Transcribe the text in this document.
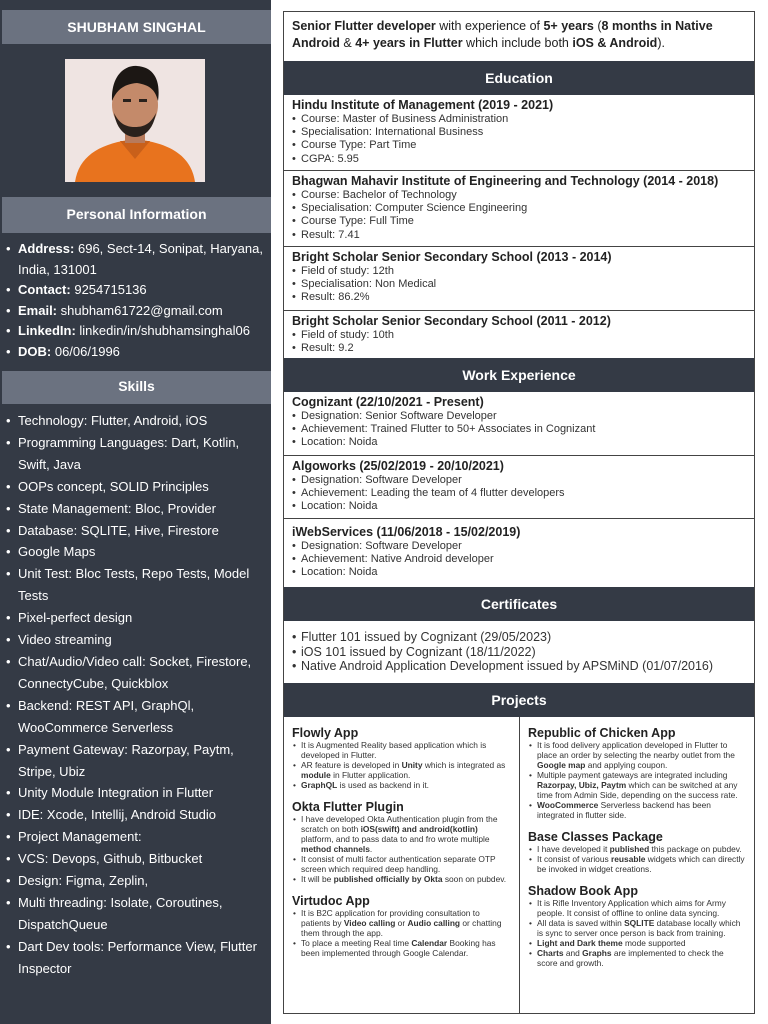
SHUBHAM SINGHAL
Personal Information
• Address: 696, Sect-14, Sonipat, Haryana, India, 131001
• Contact: 9254715136
• Email: shubham61722@gmail.com
• LinkedIn: linkedin/in/shubhamsinghal06
• DOB: 06/06/1996
Skills
• Technology: Flutter, Android, iOS
• Programming Languages: Dart, Kotlin, Swift, Java
• OOPs concept, SOLID Principles
• State Management: Bloc, Provider
• Database: SQLITE, Hive, Firestore
• Google Maps
• Unit Test: Bloc Tests, Repo Tests, Model Tests
• Pixel-perfect design
• Video streaming
• Chat/Audio/Video call: Socket, Firestore, ConnectyCube, Quickblox
• Backend: REST API, GraphQl, WooCommerce Serverless
• Payment Gateway: Razorpay, Paytm, Stripe, Ubiz
• Unity Module Integration in Flutter
• IDE: Xcode, Intellij, Android Studio
• Project Management:
• VCS: Devops, Github, Bitbucket
• Design: Figma, Zeplin,
• Multi threading: Isolate, Coroutines, DispatchQueue
• Dart Dev tools: Performance View, Flutter Inspector
Senior Flutter developer with experience of 5+ years (8 months in Native Android & 4+ years in Flutter which include both iOS & Android).
Education
Hindu Institute of Management (2019 - 2021)
• Course: Master of Business Administration
• Specialisation: International Business
• Course Type: Part Time
• CGPA: 5.95
Bhagwan Mahavir Institute of Engineering and Technology (2014 - 2018)
• Course: Bachelor of Technology
• Specialisation: Computer Science Engineering
• Course Type: Full Time
• Result: 7.41
Bright Scholar Senior Secondary School (2013 - 2014)
• Field of study: 12th
• Specialisation: Non Medical
• Result: 86.2%
Bright Scholar Senior Secondary School (2011 - 2012)
• Field of study: 10th
• Result: 9.2
Work Experience
Cognizant (22/10/2021 - Present)
• Designation: Senior Software Developer
• Achievement: Trained Flutter to 50+ Associates in Cognizant
• Location: Noida
Algoworks (25/02/2019 - 20/10/2021)
• Designation: Software Developer
• Achievement: Leading the team of 4 flutter developers
• Location: Noida
iWebServices (11/06/2018 - 15/02/2019)
• Designation: Software Developer
• Achievement: Native Android developer
• Location: Noida
Certificates
• Flutter 101 issued by Cognizant (29/05/2023)
• iOS 101 issued by Cognizant (18/11/2022)
• Native Android Application Development issued by APSMiND (01/07/2016)
Projects
Flowly App
• It is Augmented Reality based application which is developed in Flutter.
• AR feature is developed in Unity which is integrated as module in Flutter application.
• GraphQL is used as backend in it.
Okta Flutter Plugin
• I have developed Okta Authentication plugin from the scratch on both iOS(swift) and android(kotlin) platform, and to pass data to and fro wrote multiple method channels.
• It consist of multi factor authentication separate OTP screen which required deep handling.
• It will be published officially by Okta soon on pubdev.
Virtudoc App
• It is B2C application for providing consultation to patients by Video calling or Audio calling or chatting them through the app.
• To place a meeting Real time Calendar Booking has been implemented through Google Calendar.
Republic of Chicken App
• It is food delivery application developed in Flutter to place an order by selecting the nearby outlet from the Google map and applying coupon.
• Multiple payment gateways are integrated including Razorpay, Ubiz, Paytm which can be switched at any time from Admin Side, depending on the success rate.
• WooCommerce Serverless backend has been integrated in flutter side.
Base Classes Package
• I have developed it published this package on pubdev.
• It consist of various reusable widgets which can directly be invoked in widget creations.
Shadow Book App
• It is Rifle Inventory Application which aims for Army people. It consist of offline to online data syncing.
• All data is saved within SQLITE database locally which is sync to server once person is back from training.
• Light and Dark theme mode supported
• Charts and Graphs are implemented to check the score and growth.
